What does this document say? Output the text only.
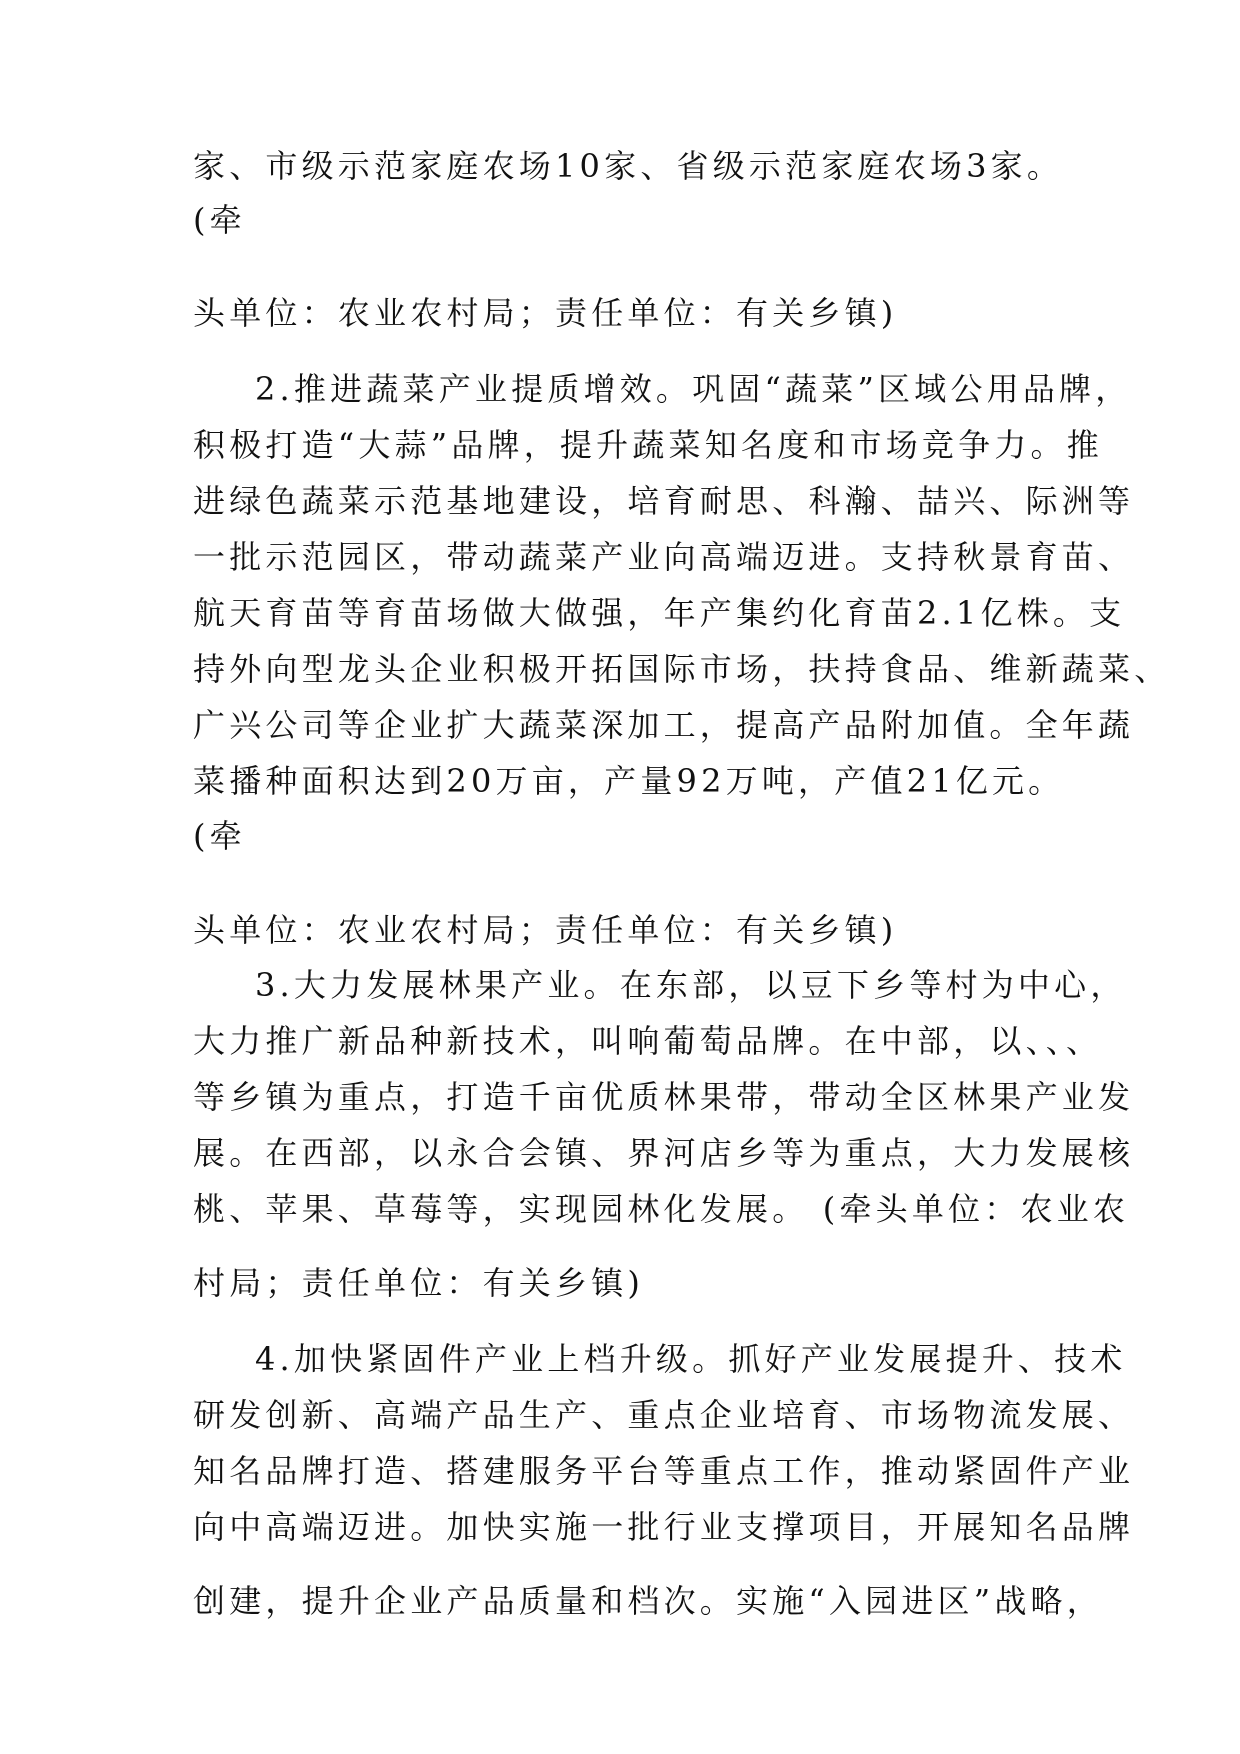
家、市级示范家庭农场10家、省级示范家庭农场3家。
(牵
头单位：农业农村局；责任单位：有关乡镇)
2.推进蔬菜产业提质增效。巩固“蔬菜”区域公用品牌，
积极打造“大蒜”品牌，提升蔬菜知名度和市场竞争力。推
进绿色蔬菜示范基地建设，培育耐思、科瀚、喆兴、际洲等
一批示范园区，带动蔬菜产业向高端迈进。支持秋景育苗、
航天育苗等育苗场做大做强，年产集约化育苗2.1亿株。支
持外向型龙头企业积极开拓国际市场，扶持食品、维新蔬菜、
广兴公司等企业扩大蔬菜深加工，提高产品附加值。全年蔬
菜播种面积达到20万亩，产量92万吨，产值21亿元。
(牵
头单位：农业农村局；责任单位：有关乡镇)
3.大力发展林果产业。在东部，以豆下乡等村为中心，
大力推广新品种新技术，叫响葡萄品牌。在中部，以、、、
等乡镇为重点，打造千亩优质林果带，带动全区林果产业发
展。在西部，以永合会镇、界河店乡等为重点，大力发展核
桃、苹果、草莓等，实现园林化发展。 (牵头单位：农业农
村局；责任单位：有关乡镇)
4.加快紧固件产业上档升级。抓好产业发展提升、技术
研发创新、高端产品生产、重点企业培育、市场物流发展、
知名品牌打造、搭建服务平台等重点工作，推动紧固件产业
向中高端迈进。加快实施一批行业支撑项目，开展知名品牌
创建，提升企业产品质量和档次。实施“入园进区”战略，
